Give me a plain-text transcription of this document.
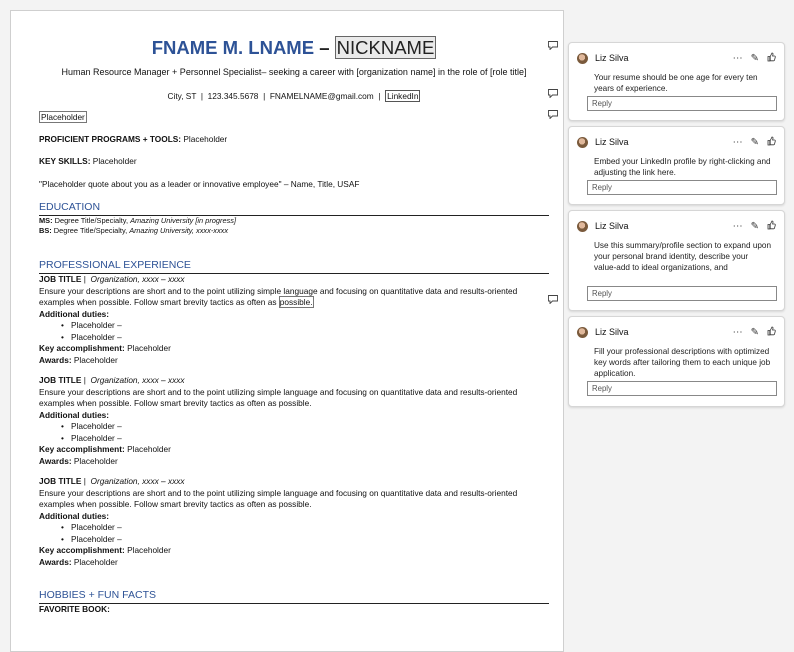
FNAME M. LNAME – NICKNAME
Human Resource Manager + Personnel Specialist– seeking a career with [organization name] in the role of [role title]
City, ST | 123.345.5678 | FNAMELNAME@gmail.com | LinkedIn
Placeholder
PROFICIENT PROGRAMS + TOOLS: Placeholder
KEY SKILLS: Placeholder
"Placeholder quote about you as a leader or innovative employee" – Name, Title, USAF
EDUCATION
MS: Degree Title/Specialty, Amazing University [in progress]
BS: Degree Title/Specialty, Amazing University, xxxx-xxxx
PROFESSIONAL EXPERIENCE
JOB TITLE |  Organization, xxxx – xxxx
Ensure your descriptions are short and to the point utilizing simple language and focusing on quantitative data and results-oriented
examples when possible. Follow smart brevity tactics as often as possible.
Additional duties:
• Placeholder –
• Placeholder –
Key accomplishment: Placeholder
Awards: Placeholder
JOB TITLE |  Organization, xxxx – xxxx
Ensure your descriptions are short and to the point utilizing simple language and focusing on quantitative data and results-oriented
examples when possible. Follow smart brevity tactics as often as possible.
Additional duties:
• Placeholder –
• Placeholder –
Key accomplishment: Placeholder
Awards: Placeholder
JOB TITLE |  Organization, xxxx – xxxx
Ensure your descriptions are short and to the point utilizing simple language and focusing on quantitative data and results-oriented
examples when possible. Follow smart brevity tactics as often as possible.
Additional duties:
• Placeholder –
• Placeholder –
Key accomplishment: Placeholder
Awards: Placeholder
HOBBIES + FUN FACTS
FAVORITE BOOK:
Liz Silva	⋯ ✎
Your resume should be one age for every ten years of experience.
Reply
Liz Silva	⋯ ✎
Embed your LinkedIn profile by right-clicking and adjusting the link here.
Reply
Liz Silva	⋯ ✎
Use this summary/profile section to expand upon your personal brand identity, describe your value-add to ideal organizations, and
Reply
Liz Silva	⋯ ✎
Fill your professional descriptions with optimized key words after tailoring them to each unique job application.
Reply
